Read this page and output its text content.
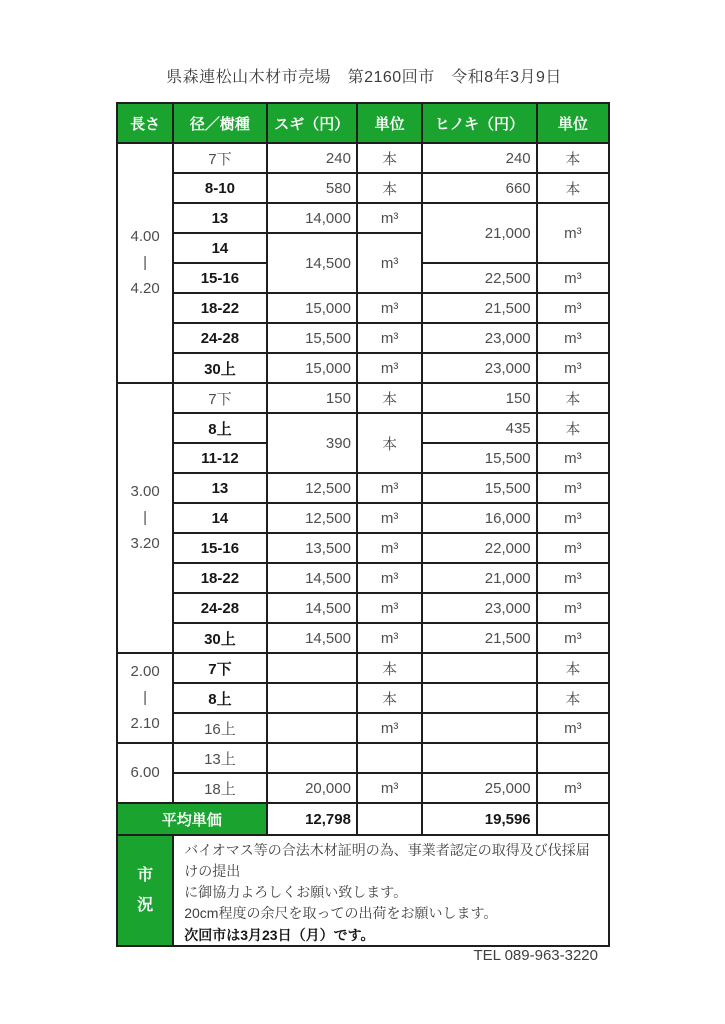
県森連松山木材市売場　第2160回市　令和8年3月9日
長さ	径／樹種	スギ（円）	単位	ヒノキ（円）	単位

4.00
|
4.20	7下	240	本	240	本
	8-10	580	本	660	本
	13	14,000	m³	21,000	m³
	14	14,500	m³		
	15-16			22,500	m³
	18-22	15,000	m³	21,500	m³
	24-28	15,500	m³	23,000	m³
	30上	15,000	m³	23,000	m³

3.00
|
3.20	7下	150	本	150	本
	8上	390	本	435	本
	11-12			15,500	m³
	13	12,500	m³	15,500	m³
	14	12,500	m³	16,000	m³
	15-16	13,500	m³	22,000	m³
	18-22	14,500	m³	21,000	m³
	24-28	14,500	m³	23,000	m³
	30上	14,500	m³	21,500	m³

2.00
|
2.10	7下		本		本
	8上		本		本
	16上		m³		m³

6.00	13上				
	18上	20,000	m³	25,000	m³
平均単価		12,798		19,596	

市
況

バイオマス等の合法木材証明の為、事業者認定の取得及び伐採届けの提出
に御協力よろしくお願い致します。
20cm程度の余尺を取っての出荷をお願いします。
次回市は3月23日（月）です。
TEL 089-963-3220
